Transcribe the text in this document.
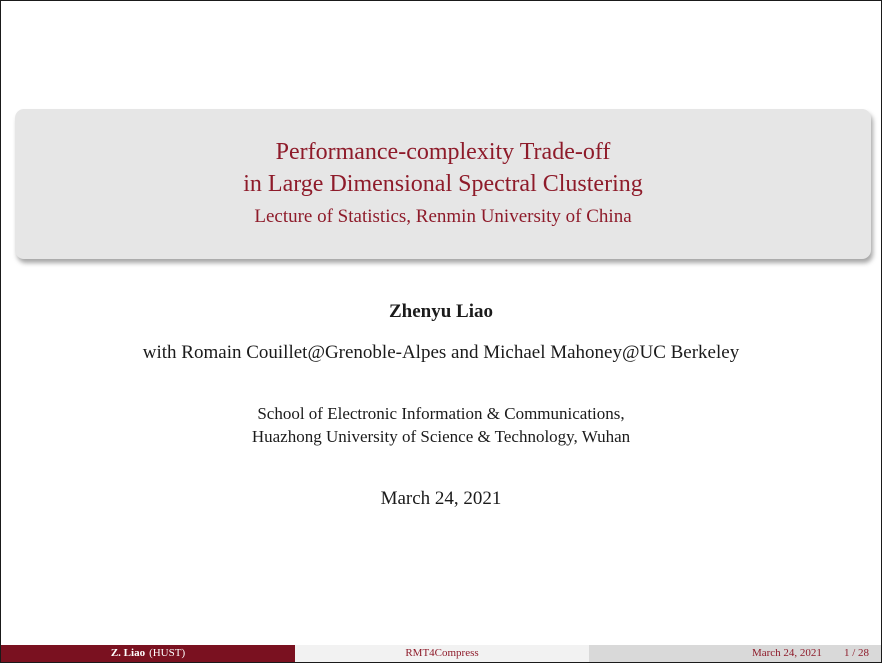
Performance-complexity Trade-off
in Large Dimensional Spectral Clustering
Lecture of Statistics, Renmin University of China
Zhenyu Liao
with Romain Couillet@Grenoble-Alpes and Michael Mahoney@UC Berkeley
School of Electronic Information & Communications,
Huazhong University of Science & Technology, Wuhan
March 24, 2021
Z. Liao (HUST)	RMT4Compress	March 24, 2021 1 / 28
